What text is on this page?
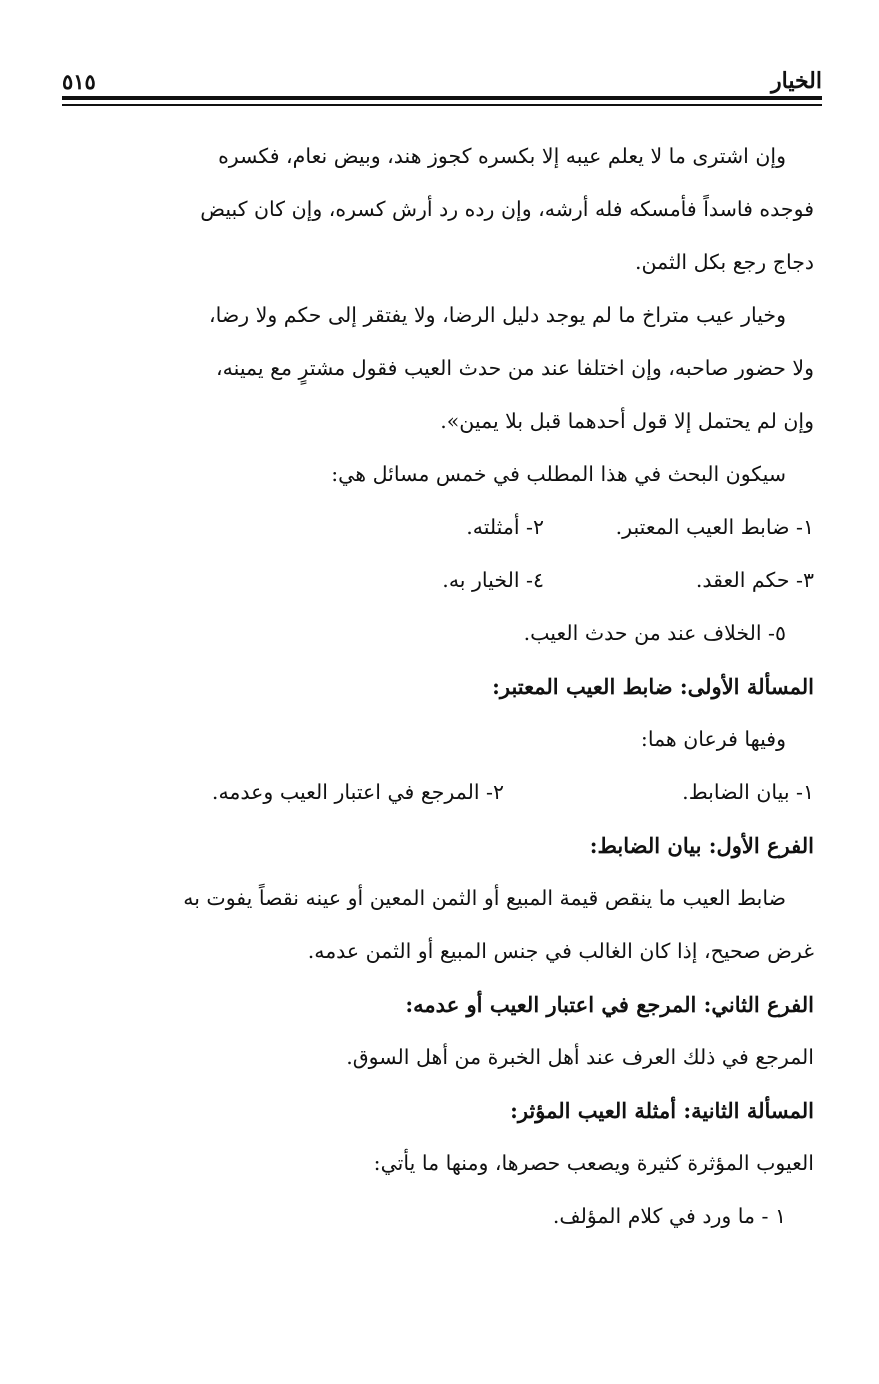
الخيار
٥١٥

وإن اشترى ما لا يعلم عيبه إلا بكسره كجوز هند، وبيض نعام، فكسره

فوجده فاسداً فأمسكه فله أرشه، وإن رده رد أرش كسره، وإن كان كبيض

دجاج رجع بكل الثمن.

وخيار عيب متراخ ما لم يوجد دليل الرضا، ولا يفتقر إلى حكم ولا رضا،

ولا حضور صاحبه، وإن اختلفا عند من حدث العيب فقول مشترٍ مع يمينه،

وإن لم يحتمل إلا قول أحدهما قبل بلا يمين».

سيكون البحث في هذا المطلب في خمس مسائل هي:

١- ضابط العيب المعتبر.
٢- أمثلته.
٣- حكم العقد.
٤- الخيار به.

٥- الخلاف عند من حدث العيب.

المسألة الأولى: ضابط العيب المعتبر:

وفيها فرعان هما:

١- بيان الضابط.
٢- المرجع في اعتبار العيب وعدمه.

الفرع الأول: بيان الضابط:

ضابط العيب ما ينقص قيمة المبيع أو الثمن المعين أو عينه نقصاً يفوت به

غرض صحيح، إذا كان الغالب في جنس المبيع أو الثمن عدمه.

الفرع الثاني: المرجع في اعتبار العيب أو عدمه:

المرجع في ذلك العرف عند أهل الخبرة من أهل السوق.

المسألة الثانية: أمثلة العيب المؤثر:

العيوب المؤثرة كثيرة ويصعب حصرها، ومنها ما يأتي:

١ - ما ورد في كلام المؤلف.
